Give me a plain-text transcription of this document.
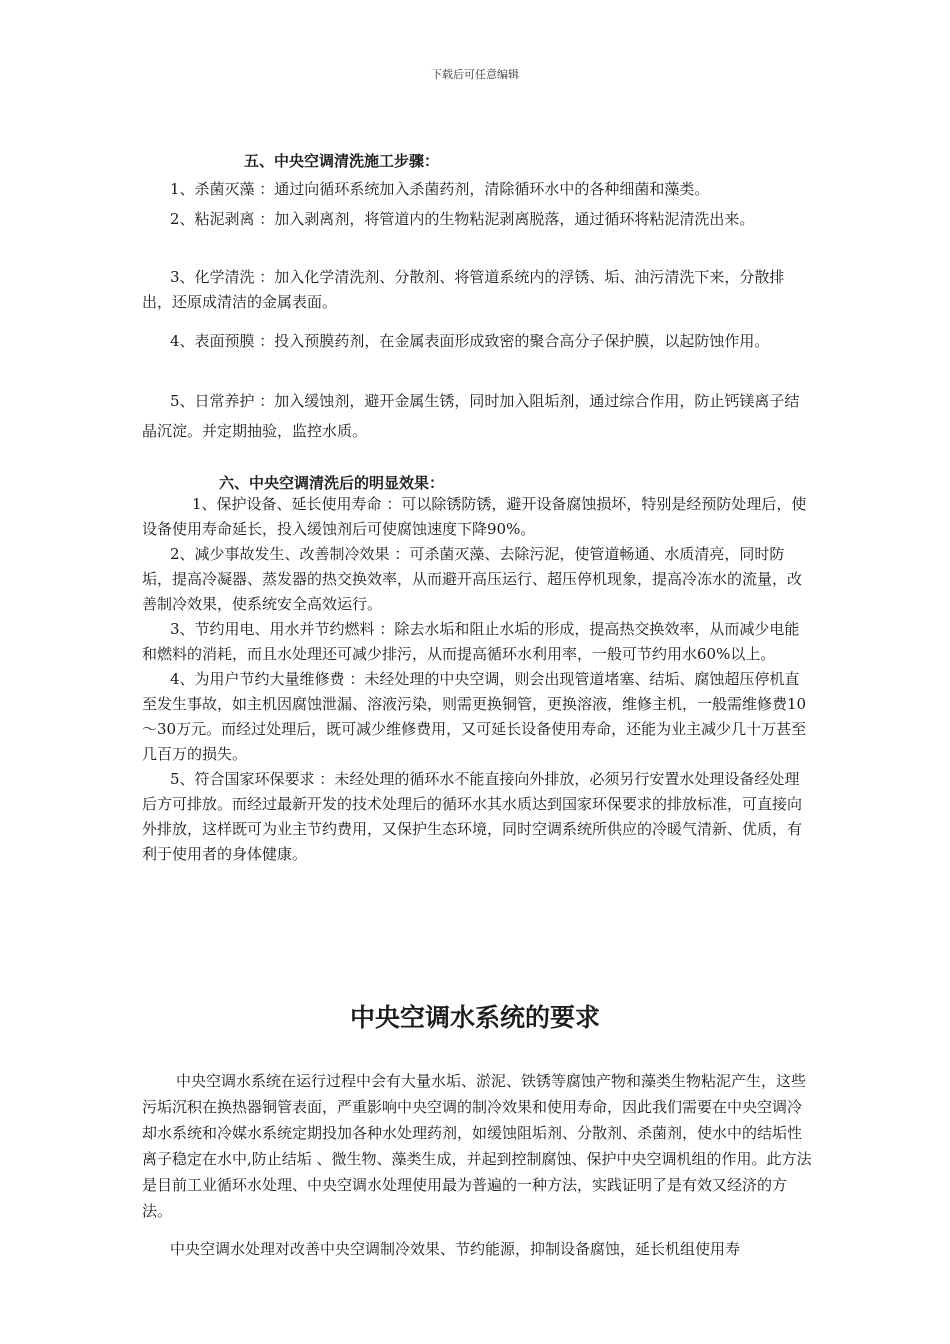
下载后可任意编辑
五、中央空调清洗施工步骤：

1、杀菌灭藻 ：通过向循环系统加入杀菌药剂，清除循环水中的各种细菌和藻类。

2、粘泥剥离 ：加入剥离剂，将管道内的生物粘泥剥离脱落，通过循环将粘泥清洗出来。

3、化学清洗 ：加入化学清洗剂、分散剂、将管道系统内的浮锈、垢、油污清洗下来，分散排出，还原成清洁的金属表面。

4、表面预膜 ：投入预膜药剂，在金属表面形成致密的聚合高分子保护膜，以起防蚀作用。

5、日常养护 ：加入缓蚀剂，避开金属生锈，同时加入阻垢剂，通过综合作用，防止钙镁离子结晶沉淀。并定期抽验，监控水质。

六、中央空调清洗后的明显效果：

1、保护设备、延长使用寿命 ：可以除锈防锈，避开设备腐蚀损坏，特别是经预防处理后，使设备使用寿命延长，投入缓蚀剂后可使腐蚀速度下降90%。

2、减少事故发生、改善制冷效果 ：可杀菌灭藻、去除污泥，使管道畅通、水质清亮，同时防垢，提高冷凝器、蒸发器的热交换效率，从而避开高压运行、超压停机现象，提高冷冻水的流量，改善制冷效果，使系统安全高效运行。

3、节约用电、用水并节约燃料 ：除去水垢和阻止水垢的形成，提高热交换效率，从而减少电能和燃料的消耗，而且水处理还可减少排污，从而提高循环水利用率，一般可节约用水60%以上。

4、为用户节约大量维修费 ：未经处理的中央空调，则会出现管道堵塞、结垢、腐蚀超压停机直至发生事故，如主机因腐蚀泄漏、溶液污染，则需更换铜管，更换溶液，维修主机，一般需维修费10～30万元。而经过处理后，既可减少维修费用，又可延长设备使用寿命，还能为业主减少几十万甚至几百万的损失。

5、符合国家环保要求 ：未经处理的循环水不能直接向外排放，必须另行安置水处理设备经处理后方可排放。而经过最新开发的技术处理后的循环水其水质达到国家环保要求的排放标准，可直接向外排放，这样既可为业主节约费用，又保护生态环境，同时空调系统所供应的冷暖气清新、优质，有利于使用者的身体健康。

中央空调水系统的要求

中央空调水系统在运行过程中会有大量水垢、淤泥、铁锈等腐蚀产物和藻类生物粘泥产生，这些污垢沉积在换热器铜管表面，严重影响中央空调的制冷效果和使用寿命，因此我们需要在中央空调冷却水系统和冷媒水系统定期投加各种水处理药剂，如缓蚀阻垢剂、分散剂、杀菌剂，使水中的结垢性离子稳定在水中,防止结垢 、微生物、藻类生成，并起到控制腐蚀、保护中央空调机组的作用。此方法是目前工业循环水处理、中央空调水处理使用最为普遍的一种方法，实践证明了是有效又经济的方法。

中央空调水处理对改善中央空调制冷效果、节约能源，抑制设备腐蚀，延长机组使用寿
